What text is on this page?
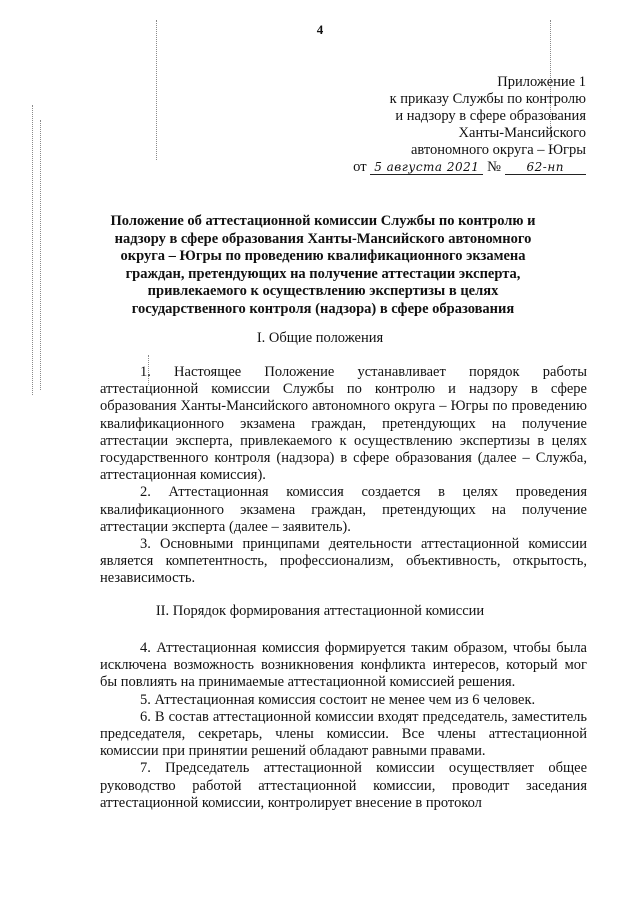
4
Приложение 1
к приказу Службы по контролю
и надзору в сфере образования
Ханты-Мансийского
автономного округа – Югры
от 5 августа 2021 № 62-нп
Положение об аттестационной комиссии Службы по контролю и надзору в сфере образования Ханты-Мансийского автономного округа – Югры по проведению квалификационного экзамена граждан, претендующих на получение аттестации эксперта, привлекаемого к осуществлению экспертизы в целях государственного контроля (надзора) в сфере образования
I. Общие положения

1. Настоящее Положение устанавливает порядок работы аттестационной комиссии Службы по контролю и надзору в сфере образования Ханты-Мансийского автономного округа – Югры по проведению квалификационного экзамена граждан, претендующих на получение аттестации эксперта, привлекаемого к осуществлению экспертизы в целях государственного контроля (надзора) в сфере образования (далее – Служба, аттестационная комиссия).

2. Аттестационная комиссия создается в целях проведения квалификационного экзамена граждан, претендующих на получение аттестации эксперта (далее – заявитель).

3. Основными принципами деятельности аттестационной комиссии является компетентность, профессионализм, объективность, открытость, независимость.

II. Порядок формирования аттестационной комиссии

4. Аттестационная комиссия формируется таким образом, чтобы была исключена возможность возникновения конфликта интересов, который мог бы повлиять на принимаемые аттестационной комиссией решения.

5. Аттестационная комиссия состоит не менее чем из 6 человек.

6. В состав аттестационной комиссии входят председатель, заместитель председателя, секретарь, члены комиссии. Все члены аттестационной комиссии при принятии решений обладают равными правами.

7. Председатель аттестационной комиссии осуществляет общее руководство работой аттестационной комиссии, проводит заседания аттестационной комиссии, контролирует внесение в протокол
